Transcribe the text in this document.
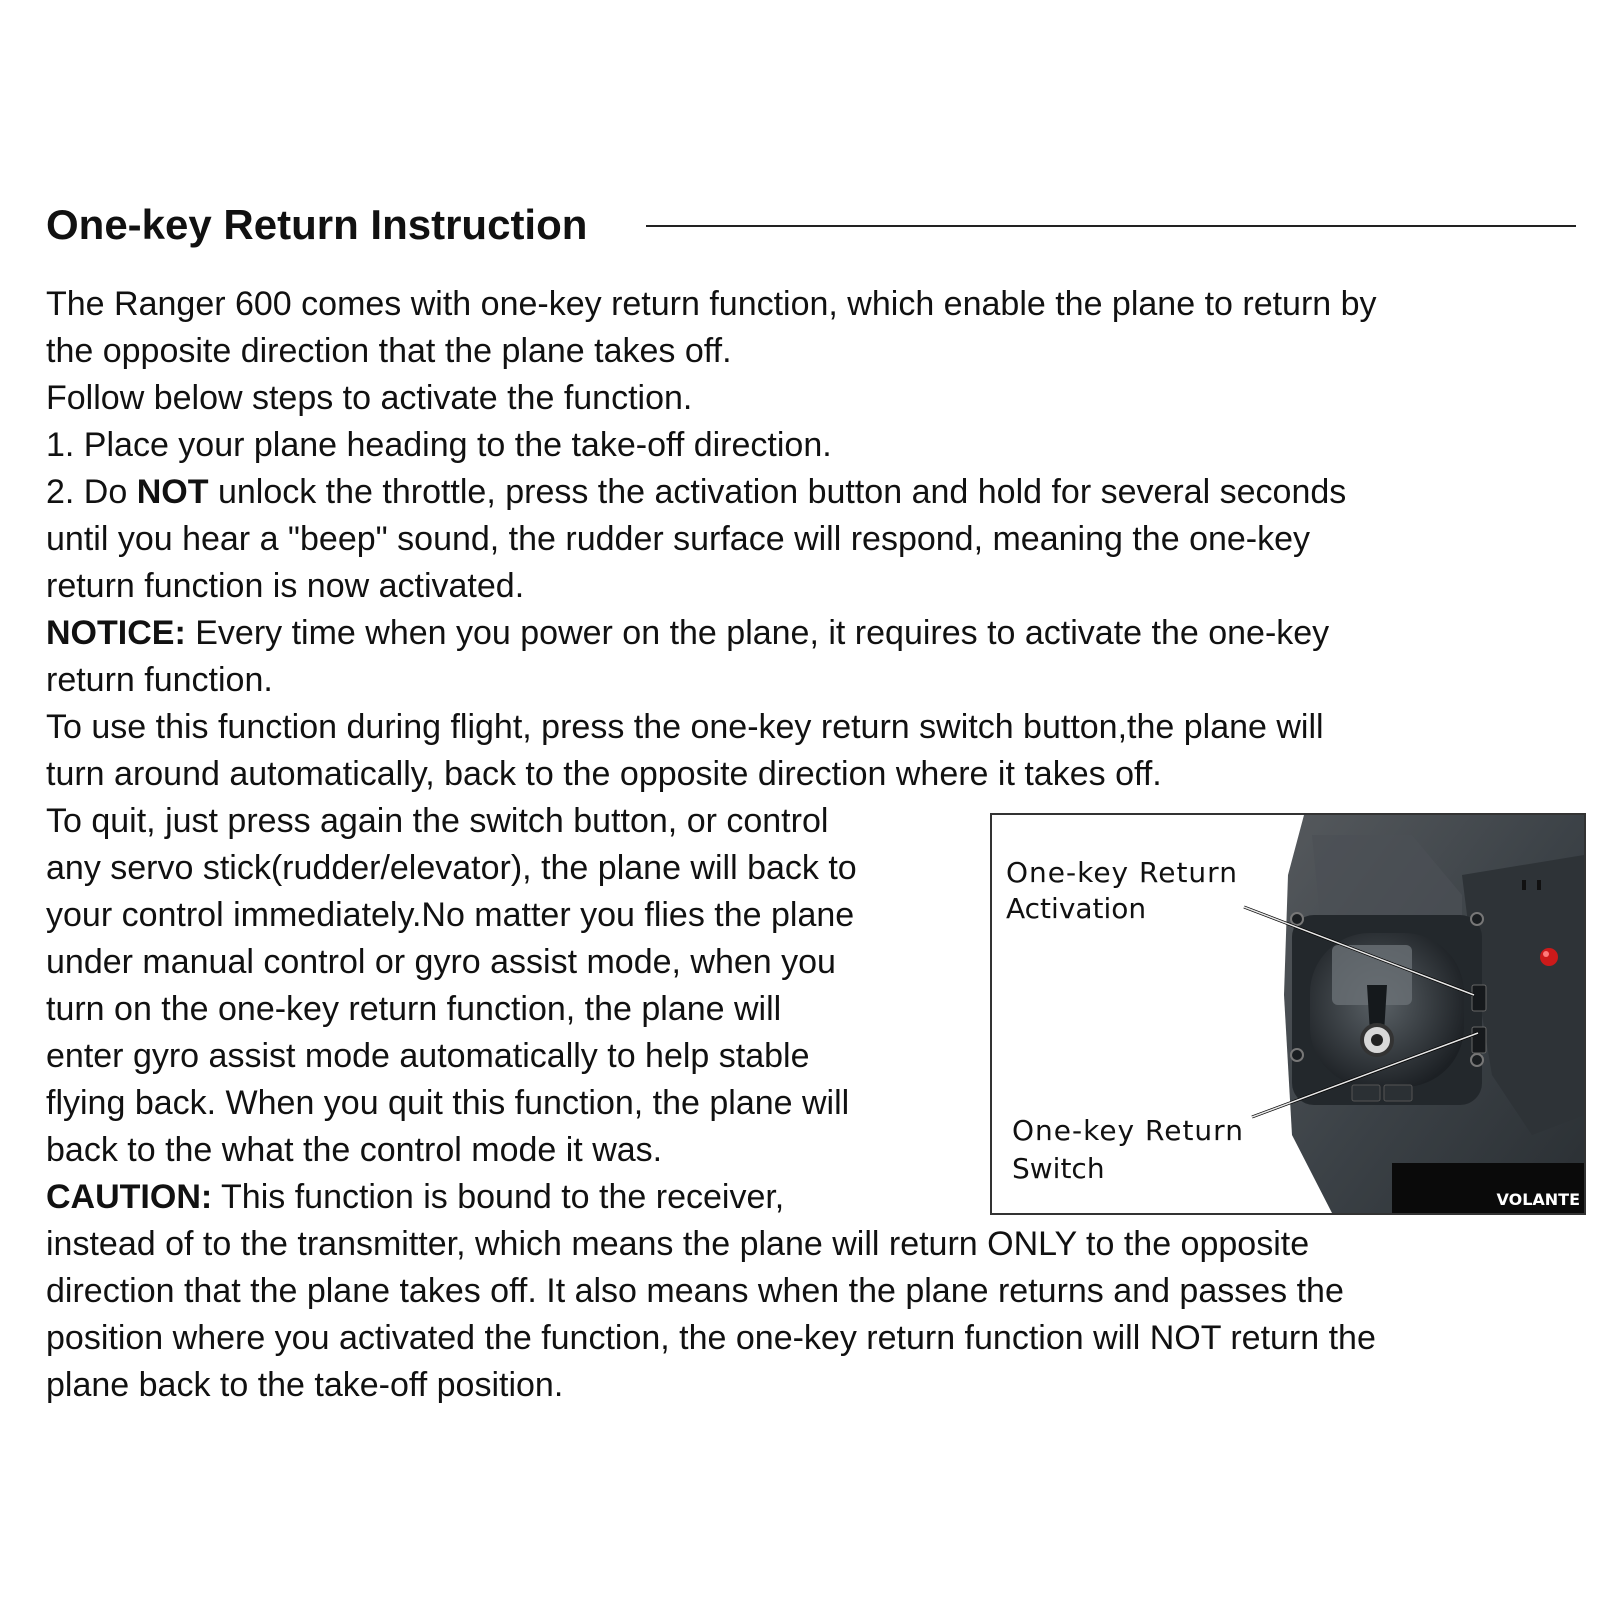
One-key Return Instruction

The Ranger 600 comes with one-key return function, which enable the plane to return by

the opposite direction that the plane takes off.

Follow below steps to activate the function.

1. Place your plane heading to the take-off direction.

2. Do NOT unlock the throttle, press the activation button and hold for several seconds

until you hear a "beep" sound, the rudder surface will respond, meaning the one-key

return function is now activated.

NOTICE: Every time when you power on the plane, it requires to activate the one-key

return function.

To use this function during flight, press the one-key return switch button,the plane will

turn around automatically, back to the opposite direction where it takes off.

To quit, just press again the switch button, or control

any servo stick(rudder/elevator), the plane will back to

your control immediately.No matter you flies the plane

under manual control or gyro assist mode, when you

turn on the one-key return function, the plane will

enter gyro assist mode automatically to help stable

flying back. When you quit this function, the plane will

back to the what the control mode it was.

CAUTION: This function is bound to the receiver,

instead of to the transmitter, which means the plane will return ONLY to the opposite

direction that the plane takes off. It also means when the plane returns and passes the

position where you activated the function, the one-key return function will NOT return the

plane back to the take-off position.

One-key Return
Activation
One-key Return
Switch
VOLANTE
